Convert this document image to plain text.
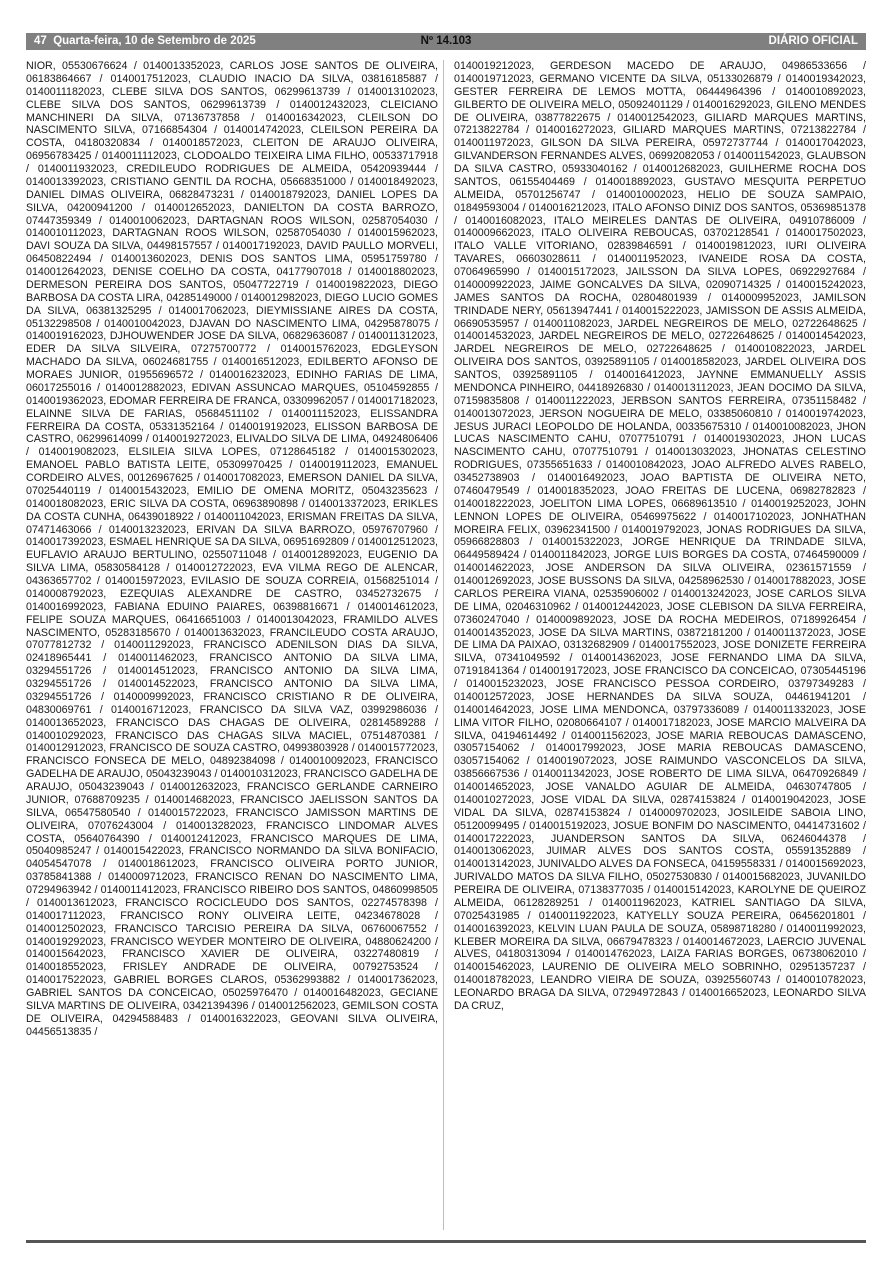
47 Quarta-feira, 10 de Setembro de 2025	Nº 14.103	DIÁRIO OFICIAL
NIOR, 05530676624 / 0140013352023, CARLOS JOSE SANTOS DE OLIVEIRA, 06183864667 / 0140017512023, CLAUDIO INACIO DA SILVA, 03816185887 / 0140011182023, CLEBE SILVA DOS SANTOS, 06299613739 / 0140013102023, CLEBE SILVA DOS SANTOS, 06299613739 / 0140012432023, CLEICIANO MANCHINERI DA SILVA, 07136737858 / 0140016342023, CLEILSON DO NASCIMENTO SILVA, 07166854304 / 0140014742023, CLEILSON PEREIRA DA COSTA, 04180320834 / 0140018572023, CLEITON DE ARAUJO OLIVEIRA, 06956783425 / 0140011112023, CLODOALDO TEIXEIRA LIMA FILHO, 00533717918 / 0140011932023, CREDILEUDO RODRIGUES DE ALMEIDA, 05420939444 / 0140013392023, CRISTIANO GENTIL DA ROCHA, 05668351000 / 0140018492023, DANIEL DIMAS OLIVEIRA, 06828473231 / 0140018792023, DANIEL LOPES DA SILVA, 04200941200 / 0140012652023, DANIELTON DA COSTA BARROZO, 07447359349 / 0140010062023, DARTAGNAN ROOS WILSON, 02587054030 / 0140010112023, DARTAGNAN ROOS WILSON, 02587054030 / 0140015962023, DAVI SOUZA DA SILVA, 04498157557 / 0140017192023, DAVID PAULLO MORVELI, 06450822494 / 0140013602023, DENIS DOS SANTOS LIMA, 05951759780 / 0140012642023, DENISE COELHO DA COSTA, 04177907018 / 0140018802023, DERMESON PEREIRA DOS SANTOS, 05047722719 / 0140019822023, DIEGO BARBOSA DA COSTA LIRA, 04285149000 / 0140012982023, DIEGO LUCIO GOMES DA SILVA, 06381325295 / 0140017062023, DIEYMISSIANE AIRES DA COSTA, 05132298508 / 0140010042023, DJAVAN DO NASCIMENTO LIMA, 04295878075 / 0140019162023, DJHOUWENDER JOSE DA SILVA, 06829636087 / 0140011312023, EDER DA SILVA SILVEIRA, 07275700772 / 0140015762023, EDGLEYSON MACHADO DA SILVA, 06024681755 / 0140016512023, EDILBERTO AFONSO DE MORAES JUNIOR, 01955696572 / 0140016232023, EDINHO FARIAS DE LIMA, 06017255016 / 0140012882023, EDIVAN ASSUNCAO MARQUES, 05104592855 / 0140019362023, EDOMAR FERREIRA DE FRANCA, 03309962057 / 0140017182023, ELAINNE SILVA DE FARIAS, 05684511102 / 0140011152023, ELISSANDRA FERREIRA DA COSTA, 05331352164 / 0140019192023, ELISSON BARBOSA DE CASTRO, 06299614099 / 0140019272023, ELIVALDO SILVA DE LIMA, 04924806406 / 0140019082023, ELSILEIA SILVA LOPES, 07128645182 / 0140015302023, EMANOEL PABLO BATISTA LEITE, 05309970425 / 0140019112023, EMANUEL CORDEIRO ALVES, 00126967625 / 0140017082023, EMERSON DANIEL DA SILVA, 07025440119 / 0140015432023, EMILIO DE OMENA MORITZ, 05043235623 / 0140018082023, ERIC SILVA DA COSTA, 06963890898 / 0140013372023, ERIKLES DA COSTA CUNHA, 06439018922 / 0140011042023, ERISMAN FREITAS DA SILVA, 07471463066 / 0140013232023, ERIVAN DA SILVA BARROZO, 05976707960 / 0140017392023, ESMAEL HENRIQUE SA DA SILVA, 06951692809 / 0140012512023, EUFLAVIO ARAUJO BERTULINO, 02550711048 / 0140012892023, EUGENIO DA SILVA LIMA, 05830584128 / 0140012722023, EVA VILMA REGO DE ALENCAR, 04363657702 / 0140015972023, EVILASIO DE SOUZA CORREIA, 01568251014 / 0140008792023, EZEQUIAS ALEXANDRE DE CASTRO, 03452732675 / 0140016992023, FABIANA EDUINO PAIARES, 06398816671 / 0140014612023, FELIPE SOUZA MARQUES, 06416651003 / 0140013042023, FRAMILDO ALVES NASCIMENTO, 05283185670 / 0140013632023, FRANCILEUDO COSTA ARAUJO, 07077812732 / 0140011292023, FRANCISCO ADENILSON DIAS DA SILVA, 02418965441 / 0140011462023, FRANCISCO ANTONIO DA SILVA LIMA, 03294551726 / 0140014512023, FRANCISCO ANTONIO DA SILVA LIMA, 03294551726 / 0140014522023, FRANCISCO ANTONIO DA SILVA LIMA, 03294551726 / 0140009992023, FRANCISCO CRISTIANO R DE OLIVEIRA, 04830069761 / 0140016712023, FRANCISCO DA SILVA VAZ, 03992986036 / 0140013652023, FRANCISCO DAS CHAGAS DE OLIVEIRA, 02814589288 / 0140010292023, FRANCISCO DAS CHAGAS SILVA MACIEL, 07514870381 / 0140012912023, FRANCISCO DE SOUZA CASTRO, 04993803928 / 0140015772023, FRANCISCO FONSECA DE MELO, 04892384098 / 0140010092023, FRANCISCO GADELHA DE ARAUJO, 05043239043 / 0140010312023, FRANCISCO GADELHA DE ARAUJO, 05043239043 / 0140012632023, FRANCISCO GERLANDE CARNEIRO JUNIOR, 07688709235 / 0140014682023, FRANCISCO JAELISSON SANTOS DA SILVA, 06547580540 / 0140015722023, FRANCISCO JAMISSON MARTINS DE OLIVEIRA, 07076243004 / 0140013282023, FRANCISCO LINDOMAR ALVES COSTA, 05640764390 / 0140012412023, FRANCISCO MARQUES DE LIMA, 05040985247 / 0140015422023, FRANCISCO NORMANDO DA SILVA BONIFACIO, 04054547078 / 0140018612023, FRANCISCO OLIVEIRA PORTO JUNIOR, 03785841388 / 0140009712023, FRANCISCO RENAN DO NASCIMENTO LIMA, 07294963942 / 0140011412023, FRANCISCO RIBEIRO DOS SANTOS, 04860998505 / 0140013612023, FRANCISCO ROCICLEUDO DOS SANTOS, 02274578398 / 0140017112023, FRANCISCO RONY OLIVEIRA LEITE, 04234678028 / 0140012502023, FRANCISCO TARCISIO PEREIRA DA SILVA, 06760067552 / 0140019292023, FRANCISCO WEYDER MONTEIRO DE OLIVEIRA, 04880624200 / 0140015642023, FRANCISCO XAVIER DE OLIVEIRA, 03227480819 / 0140018552023, FRISLEY ANDRADE DE OLIVEIRA, 00792753524 / 0140017522023, GABRIEL BORGES CLAROS, 05362993882 / 0140017362023, GABRIEL SANTOS DA CONCEICAO, 05025976470 / 0140016482023, GECIANE SILVA MARTINS DE OLIVEIRA, 03421394396 / 0140012562023, GEMILSON COSTA DE OLIVEIRA, 04294588483 / 0140016322023, GEOVANI SILVA OLIVEIRA, 04456513835 /
0140019212023, GERDESON MACEDO DE ARAUJO, 04986533656 / 0140019712023, GERMANO VICENTE DA SILVA, 05133026879 / 0140019342023, GESTER FERREIRA DE LEMOS MOTTA, 06444964396 / 0140010892023, GILBERTO DE OLIVEIRA MELO, 05092401129 / 0140016292023, GILENO MENDES DE OLIVEIRA, 03877822675 / 0140012542023, GILIARD MARQUES MARTINS, 07213822784 / 0140016272023, GILIARD MARQUES MARTINS, 07213822784 / 0140011972023, GILSON DA SILVA PEREIRA, 05972737744 / 0140017042023, GILVANDERSON FERNANDES ALVES, 06992082053 / 0140011542023, GLAUBSON DA SILVA CASTRO, 05933040162 / 0140012682023, GUILHERME ROCHA DOS SANTOS, 06155404469 / 0140018892023, GUSTAVO MESQUITA PERPETUO ALMEIDA, 05701256747 / 0140010002023, HELIO DE SOUZA SAMPAIO, 01849593004 / 0140016212023, ITALO AFONSO DINIZ DOS SANTOS, 05369851378 / 0140016082023, ITALO MEIRELES DANTAS DE OLIVEIRA, 04910786009 / 0140009662023, ITALO OLIVEIRA REBOUCAS, 03702128541 / 0140017502023, ITALO VALLE VITORIANO, 02839846591 / 0140019812023, IURI OLIVEIRA TAVARES, 06603028611 / 0140011952023, IVANEIDE ROSA DA COSTA, 07064965990 / 0140015172023, JAILSSON DA SILVA LOPES, 06922927684 / 0140009922023, JAIME GONCALVES DA SILVA, 02090714325 / 0140015242023, JAMES SANTOS DA ROCHA, 02804801939 / 0140009952023, JAMILSON TRINDADE NERY, 05613947441 / 0140015222023, JAMISSON DE ASSIS ALMEIDA, 06690535957 / 0140011082023, JARDEL NEGREIROS DE MELO, 02722648625 / 0140014532023, JARDEL NEGREIROS DE MELO, 02722648625 / 0140014542023, JARDEL NEGREIROS DE MELO, 02722648625 / 0140010822023, JARDEL OLIVEIRA DOS SANTOS, 03925891105 / 0140018582023, JARDEL OLIVEIRA DOS SANTOS, 03925891105 / 0140016412023, JAYNNE EMMANUELLY ASSIS MENDONCA PINHEIRO, 04418926830 / 0140013112023, JEAN DOCIMO DA SILVA, 07159835808 / 0140011222023, JERBSON SANTOS FERREIRA, 07351158482 / 0140013072023, JERSON NOGUEIRA DE MELO, 03385060810 / 0140019742023, JESUS JURACI LEOPOLDO DE HOLANDA, 00335675310 / 0140010082023, JHON LUCAS NASCIMENTO CAHU, 07077510791 / 0140019302023, JHON LUCAS NASCIMENTO CAHU, 07077510791 / 0140013032023, JHONATAS CELESTINO RODRIGUES, 07355651633 / 0140010842023, JOAO ALFREDO ALVES RABELO, 03452738903 / 0140016492023, JOAO BAPTISTA DE OLIVEIRA NETO, 07460479549 / 0140018352023, JOAO FREITAS DE LUCENA, 06982782823 / 0140018222023, JOELITON LIMA LOPES, 06689613510 / 0140019252023, JOHN LENNON LOPES DE OLIVEIRA, 05469975622 / 0140017102023, JONHATHAN MOREIRA FELIX, 03962341500 / 0140019792023, JONAS RODRIGUES DA SILVA, 05966828803 / 0140015322023, JORGE HENRIQUE DA TRINDADE SILVA, 06449589424 / 0140011842023, JORGE LUIS BORGES DA COSTA, 07464590009 / 0140014622023, JOSE ANDERSON DA SILVA OLIVEIRA, 02361571559 / 0140012692023, JOSE BUSSONS DA SILVA, 04258962530 / 0140017882023, JOSE CARLOS PEREIRA VIANA, 02535906002 / 0140013242023, JOSE CARLOS SILVA DE LIMA, 02046310962 / 0140012442023, JOSE CLEBISON DA SILVA FERREIRA, 07360247040 / 0140009892023, JOSE DA ROCHA MEDEIROS, 07189926454 / 0140014352023, JOSE DA SILVA MARTINS, 03872181200 / 0140011372023, JOSE DE LIMA DA PAIXAO, 03132682909 / 0140017552023, JOSE DONIZETE FERREIRA SILVA, 07341049592 / 0140014362023, JOSE FERNANDO LIMA DA SILVA, 07191841364 / 0140019172023, JOSE FRANCISCO DA CONCEICAO, 07305445196 / 0140015232023, JOSE FRANCISCO PESSOA CORDEIRO, 03797349283 / 0140012572023, JOSE HERNANDES DA SILVA SOUZA, 04461941201 / 0140014642023, JOSE LIMA MENDONCA, 03797336089 / 0140011332023, JOSE LIMA VITOR FILHO, 02080664107 / 0140017182023, JOSE MARCIO MALVEIRA DA SILVA, 04194614492 / 0140011562023, JOSE MARIA REBOUCAS DAMASCENO, 03057154062 / 0140017992023, JOSE MARIA REBOUCAS DAMASCENO, 03057154062 / 0140019072023, JOSE RAIMUNDO VASCONCELOS DA SILVA, 03856667536 / 0140011342023, JOSE ROBERTO DE LIMA SILVA, 06470926849 / 0140014652023, JOSE VANALDO AGUIAR DE ALMEIDA, 04630747805 / 0140010272023, JOSE VIDAL DA SILVA, 02874153824 / 0140019042023, JOSE VIDAL DA SILVA, 02874153824 / 0140009702023, JOSILEIDE SABOIA LINO, 05120099495 / 0140015192023, JOSUE BONFIM DO NASCIMENTO, 04414731602 / 0140017222023, JUANDERSON SANTOS DA SILVA, 06246044378 / 0140013062023, JUIMAR ALVES DOS SANTOS COSTA, 05591352889 / 0140013142023, JUNIVALDO ALVES DA FONSECA, 04159558331 / 0140015692023, JURIVALDO MATOS DA SILVA FILHO, 05027530830 / 0140015682023, JUVANILDO PEREIRA DE OLIVEIRA, 07138377035 / 0140015142023, KAROLYNE DE QUEIROZ ALMEIDA, 06128289251 / 0140011962023, KATRIEL SANTIAGO DA SILVA, 07025431985 / 0140011922023, KATYELLY SOUZA PEREIRA, 06456201801 / 0140016392023, KELVIN LUAN PAULA DE SOUZA, 05898718280 / 0140011992023, KLEBER MOREIRA DA SILVA, 06679478323 / 0140014672023, LAERCIO JUVENAL ALVES, 04180313094 / 0140014762023, LAIZA FARIAS BORGES, 06738062010 / 0140015462023, LAURENIO DE OLIVEIRA MELO SOBRINHO, 02951357237 / 0140018782023, LEANDRO VIEIRA DE SOUZA, 03925560743 / 0140010782023, LEONARDO BRAGA DA SILVA, 07294972843 / 0140016652023, LEONARDO SILVA DA CRUZ,
